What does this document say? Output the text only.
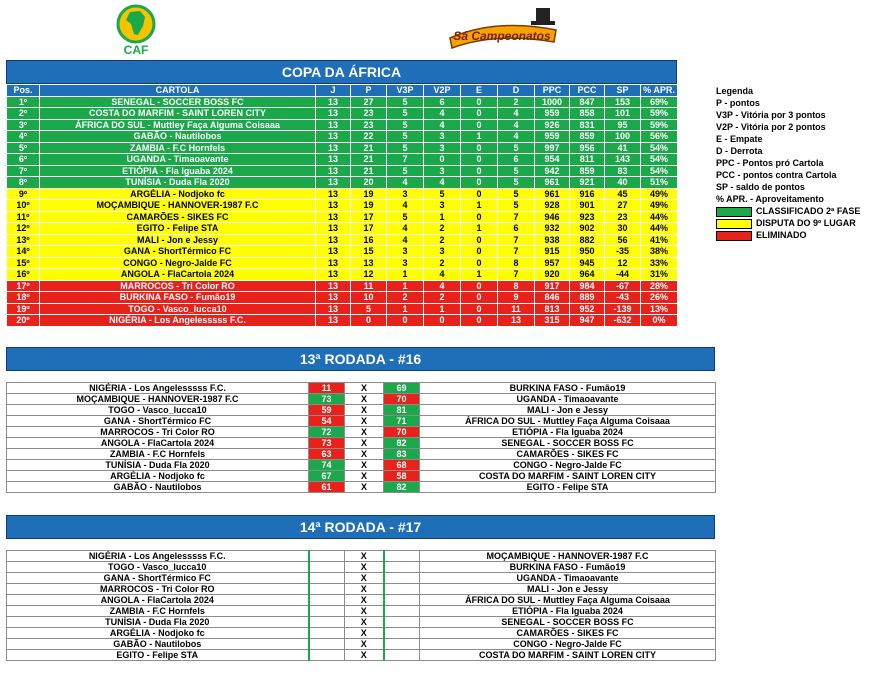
CAF
Sá Campeonatos
COPA DA ÁFRICA
Pos.	CARTOLA	J	P	V3P	V2P	E	D	PPC	PCC	SP	% APR.
1º	SENEGAL - SOCCER BOSS FC	13	27	5	6	0	2	1000	847	153	69%
2º	COSTA DO MARFIM - SAINT LOREN CITY	13	23	5	4	0	4	959	858	101	59%
3º	ÁFRICA DO SUL - Muttley Faça Alguma Coisaaa	13	23	5	4	0	4	926	831	95	59%
4º	GABÃO - Nautilobos	13	22	5	3	1	4	959	859	100	56%
5º	ZAMBIA - F.C Hornfels	13	21	5	3	0	5	997	956	41	54%
6º	UGANDA - Timaoavante	13	21	7	0	0	6	954	811	143	54%
7º	ETIÓPIA - Fla Iguaba 2024	13	21	5	3	0	5	942	859	83	54%
8º	TUNÍSIA - Duda Fla 2020	13	20	4	4	0	5	961	921	40	51%
9º	ARGÉLIA - Nodjoko fc	13	19	3	5	0	5	961	916	45	49%
10º	MOÇAMBIQUE - HANNOVER-1987 F.C	13	19	4	3	1	5	928	901	27	49%
11º	CAMARÕES - SIKES FC	13	17	5	1	0	7	946	923	23	44%
12º	EGITO - Felipe STA	13	17	4	2	1	6	932	902	30	44%
13º	MALI - Jon e Jessy	13	16	4	2	0	7	938	882	56	41%
14º	GANA - ShortTérmico FC	13	15	3	3	0	7	915	950	-35	38%
15º	CONGO - Negro-Jalde FC	13	13	3	2	0	8	957	945	12	33%
16º	ANGOLA - FlaCartola 2024	13	12	1	4	1	7	920	964	-44	31%
17º	MARROCOS - Tri Color RO	13	11	1	4	0	8	917	984	-67	28%
18º	BURKINA FASO - Fumão19	13	10	2	2	0	9	846	889	-43	26%
19º	TOGO - Vasco_lucca10	13	5	1	1	0	11	813	952	-139	13%
20º	NIGÉRIA - Los Angelesssss F.C.	13	0	0	0	0	13	315	947	-632	0%
Legenda
P - pontos
V3P - Vitória por 3 pontos
V2P - Vitória por 2 pontos
E - Empate
D - Derrota
PPC - Pontos pró Cartola
PCC - pontos contra Cartola
SP - saldo de pontos
% APR. - Aproveitamento
CLASSIFICADO 2ª FASE
DISPUTA DO 9º LUGAR
ELIMINADO
13ª RODADA - #16
NIGÉRIA - Los Angelesssss F.C.	11	X	69	BURKINA FASO - Fumão19
MOÇAMBIQUE - HANNOVER-1987 F.C	73	X	70	UGANDA - Timaoavante
TOGO - Vasco_lucca10	59	X	81	MALI - Jon e Jessy
GANA - ShortTérmico FC	54	X	71	ÁFRICA DO SUL - Muttley Faça Alguma Coisaaa
MARROCOS - Tri Color RO	72	X	70	ETIÓPIA - Fla Iguaba 2024
ANGOLA - FlaCartola 2024	73	X	82	SENEGAL - SOCCER BOSS FC
ZAMBIA - F.C Hornfels	63	X	83	CAMARÕES - SIKES FC
TUNÍSIA - Duda Fla 2020	74	X	68	CONGO - Negro-Jalde FC
ARGÉLIA - Nodjoko fc	67	X	58	COSTA DO MARFIM - SAINT LOREN CITY
GABÃO - Nautilobos	61	X	82	EGITO - Felipe STA
14ª RODADA - #17
NIGÉRIA - Los Angelesssss F.C.		X		MOÇAMBIQUE - HANNOVER-1987 F.C
TOGO - Vasco_lucca10		X		BURKINA FASO - Fumão19
GANA - ShortTérmico FC		X		UGANDA - Timaoavante
MARROCOS - Tri Color RO		X		MALI - Jon e Jessy
ANGOLA - FlaCartola 2024		X		ÁFRICA DO SUL - Muttley Faça Alguma Coisaaa
ZAMBIA - F.C Hornfels		X		ETIÓPIA - Fla Iguaba 2024
TUNÍSIA - Duda Fla 2020		X		SENEGAL - SOCCER BOSS FC
ARGÉLIA - Nodjoko fc		X		CAMARÕES - SIKES FC
GABÃO - Nautilobos		X		CONGO - Negro-Jalde FC
EGITO - Felipe STA		X		COSTA DO MARFIM - SAINT LOREN CITY
